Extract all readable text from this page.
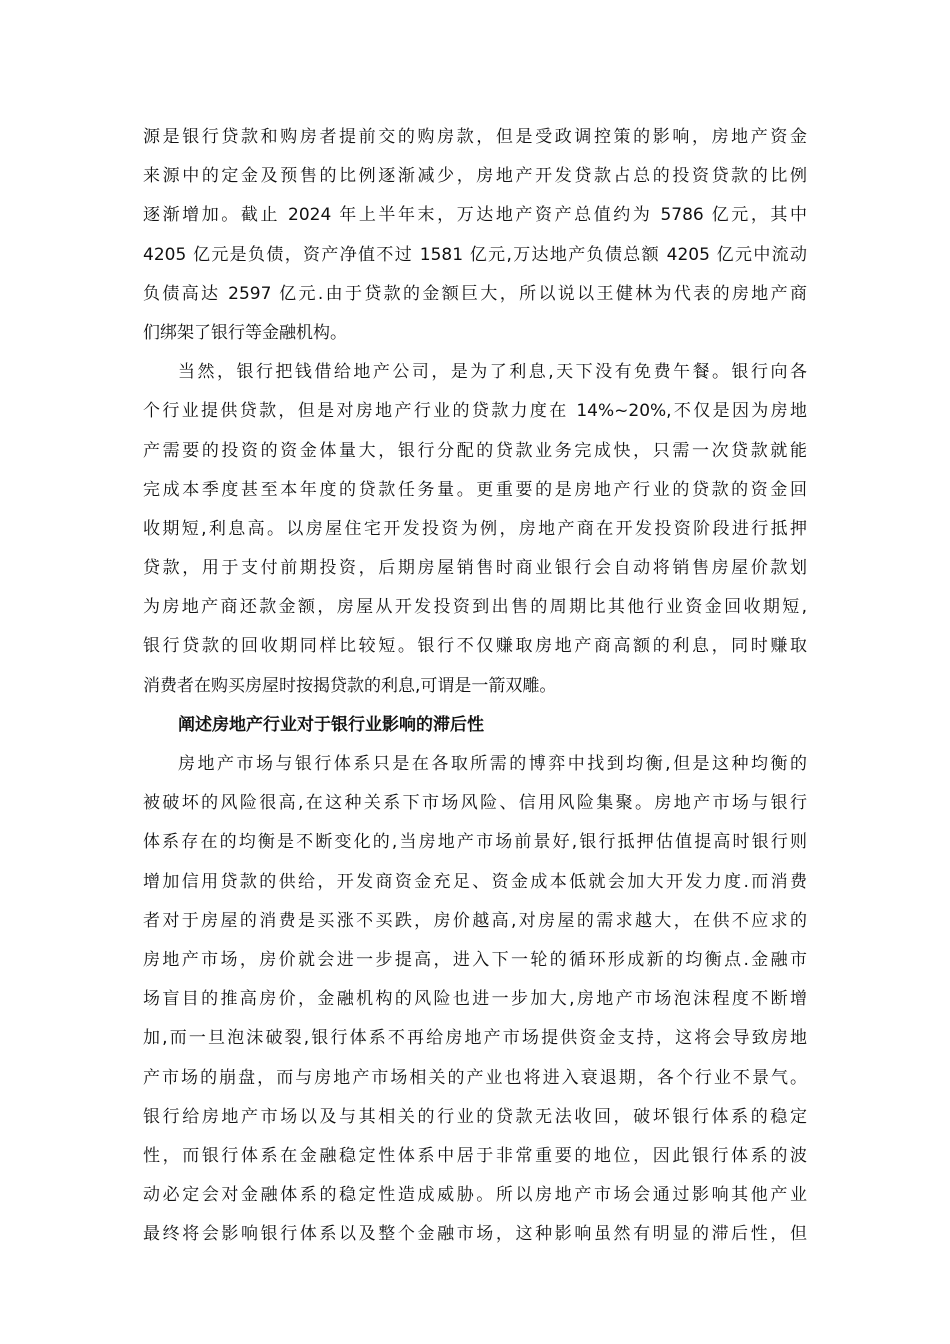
源是银行贷款和购房者提前交的购房款，但是受政调控策的影响，房地产资金
来源中的定金及预售的比例逐渐减少，房地产开发贷款占总的投资贷款的比例
逐渐增加。截止 2024 年上半年末，万达地产资产总值约为 5786 亿元，其中
4205 亿元是负债，资产净值不过 1581 亿元,万达地产负债总额 4205 亿元中流动
负债高达 2597 亿元.由于贷款的金额巨大，所以说以王健林为代表的房地产商
们绑架了银行等金融机构。
当然，银行把钱借给地产公司，是为了利息,天下没有免费午餐。银行向各
个行业提供贷款，但是对房地产行业的贷款力度在 14%~20%,不仅是因为房地
产需要的投资的资金体量大，银行分配的贷款业务完成快，只需一次贷款就能
完成本季度甚至本年度的贷款任务量。更重要的是房地产行业的贷款的资金回
收期短,利息高。以房屋住宅开发投资为例，房地产商在开发投资阶段进行抵押
贷款，用于支付前期投资，后期房屋销售时商业银行会自动将销售房屋价款划
为房地产商还款金额，房屋从开发投资到出售的周期比其他行业资金回收期短,
银行贷款的回收期同样比较短。银行不仅赚取房地产商高额的利息，同时赚取
消费者在购买房屋时按揭贷款的利息,可谓是一箭双雕。
阐述房地产行业对于银行业影响的滞后性
房地产市场与银行体系只是在各取所需的博弈中找到均衡,但是这种均衡的
被破坏的风险很高,在这种关系下市场风险、信用风险集聚。房地产市场与银行
体系存在的均衡是不断变化的,当房地产市场前景好,银行抵押估值提高时银行则
增加信用贷款的供给，开发商资金充足、资金成本低就会加大开发力度.而消费
者对于房屋的消费是买涨不买跌，房价越高,对房屋的需求越大，在供不应求的
房地产市场，房价就会进一步提高，进入下一轮的循环形成新的均衡点.金融市
场盲目的推高房价，金融机构的风险也进一步加大,房地产市场泡沫程度不断增
加,而一旦泡沫破裂,银行体系不再给房地产市场提供资金支持，这将会导致房地
产市场的崩盘，而与房地产市场相关的产业也将进入衰退期，各个行业不景气。
银行给房地产市场以及与其相关的行业的贷款无法收回，破坏银行体系的稳定
性，而银行体系在金融稳定性体系中居于非常重要的地位，因此银行体系的波
动必定会对金融体系的稳定性造成威胁。所以房地产市场会通过影响其他产业
最终将会影响银行体系以及整个金融市场，这种影响虽然有明显的滞后性，但
